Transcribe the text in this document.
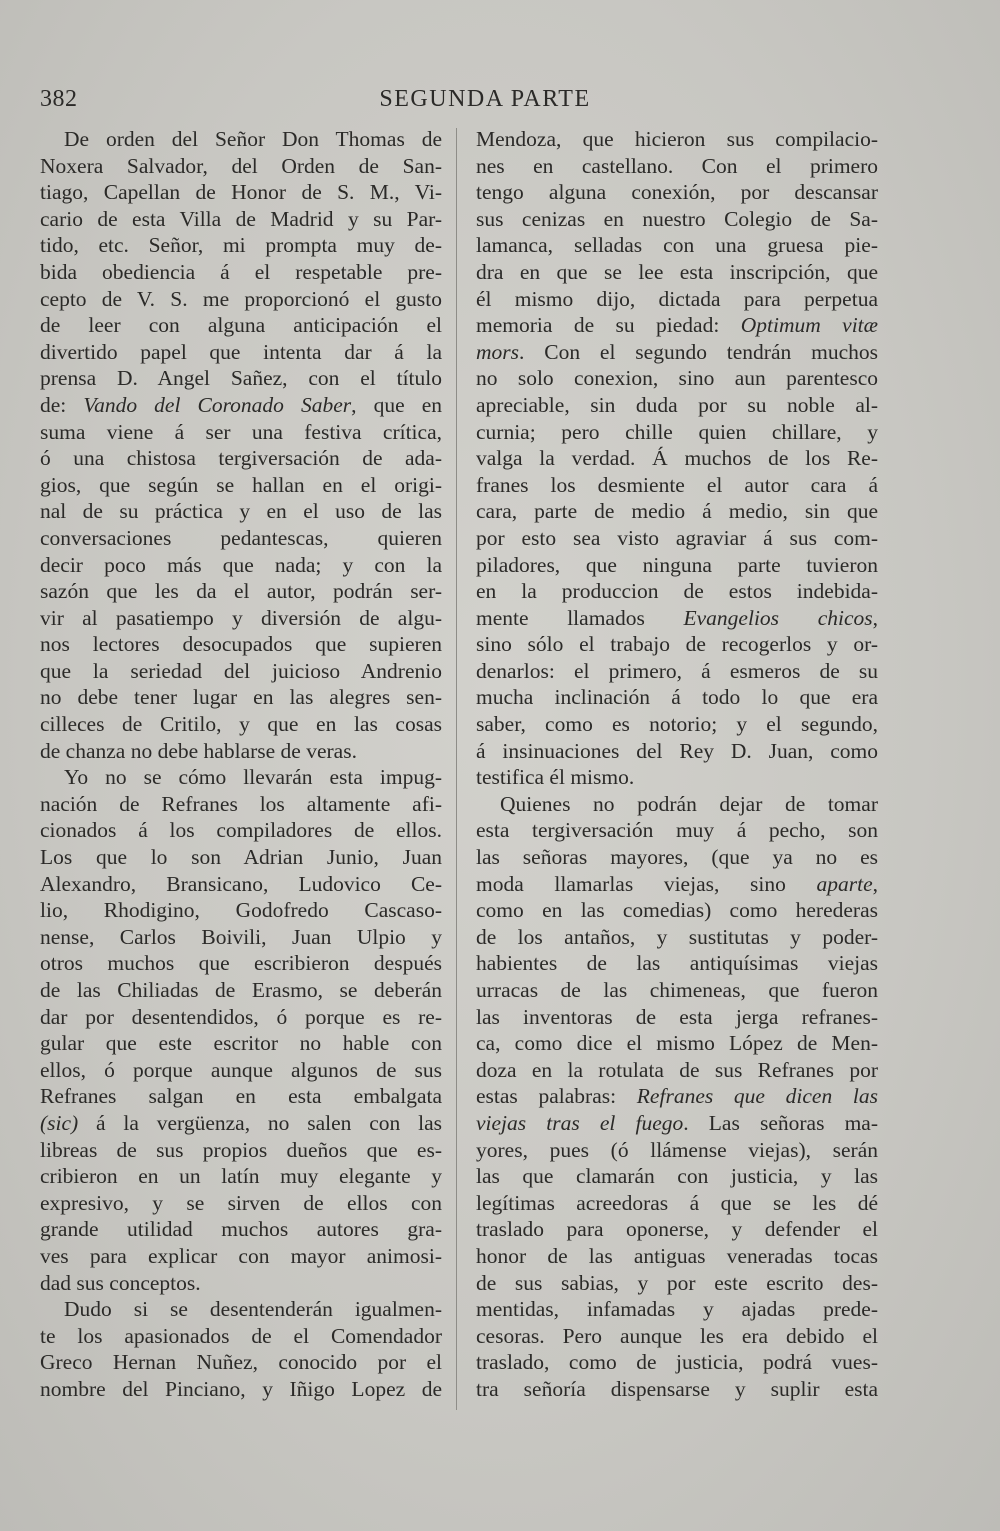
382	SEGUNDA PARTE
De orden del Señor Don Thomas de
Noxera Salvador, del Orden de San-
tiago, Capellan de Honor de S. M., Vi-
cario de esta Villa de Madrid y su Par-
tido, etc. Señor, mi prompta muy de-
bida obediencia á el respetable pre-
cepto de V. S. me proporcionó el gusto
de leer con alguna anticipación el
divertido papel que intenta dar á la
prensa D. Angel Sañez, con el título
de: Vando del Coronado Saber, que en
suma viene á ser una festiva crítica,
ó una chistosa tergiversación de ada-
gios, que según se hallan en el origi-
nal de su práctica y en el uso de las
conversaciones pedantescas, quieren
decir poco más que nada; y con la
sazón que les da el autor, podrán ser-
vir al pasatiempo y diversión de algu-
nos lectores desocupados que supieren
que la seriedad del juicioso Andrenio
no debe tener lugar en las alegres sen-
cilleces de Critilo, y que en las cosas
de chanza no debe hablarse de veras.
Yo no se cómo llevarán esta impug-
nación de Refranes los altamente afi-
cionados á los compiladores de ellos.
Los que lo son Adrian Junio, Juan
Alexandro, Bransicano, Ludovico Ce-
lio, Rhodigino, Godofredo Cascaso-
nense, Carlos Boivili, Juan Ulpio y
otros muchos que escribieron después
de las Chiliadas de Erasmo, se deberán
dar por desentendidos, ó porque es re-
gular que este escritor no hable con
ellos, ó porque aunque algunos de sus
Refranes salgan en esta embalgata
(sic) á la vergüenza, no salen con las
libreas de sus propios dueños que es-
cribieron en un latín muy elegante y
expresivo, y se sirven de ellos con
grande utilidad muchos autores gra-
ves para explicar con mayor animosi-
dad sus conceptos.
Dudo si se desentenderán igualmen-
te los apasionados de el Comendador
Greco Hernan Nuñez, conocido por el
nombre del Pinciano, y Iñigo Lopez de
Mendoza, que hicieron sus compilacio-
nes en castellano. Con el primero
tengo alguna conexión, por descansar
sus cenizas en nuestro Colegio de Sa-
lamanca, selladas con una gruesa pie-
dra en que se lee esta inscripción, que
él mismo dijo, dictada para perpetua
memoria de su piedad: Optimum vitæ
mors. Con el segundo tendrán muchos
no solo conexion, sino aun parentesco
apreciable, sin duda por su noble al-
curnia; pero chille quien chillare, y
valga la verdad. Á muchos de los Re-
franes los desmiente el autor cara á
cara, parte de medio á medio, sin que
por esto sea visto agraviar á sus com-
piladores, que ninguna parte tuvieron
en la produccion de estos indebida-
mente llamados Evangelios chicos,
sino sólo el trabajo de recogerlos y or-
denarlos: el primero, á esmeros de su
mucha inclinación á todo lo que era
saber, como es notorio; y el segundo,
á insinuaciones del Rey D. Juan, como
testifica él mismo.
Quienes no podrán dejar de tomar
esta tergiversación muy á pecho, son
las señoras mayores, (que ya no es
moda llamarlas viejas, sino aparte,
como en las comedias) como herederas
de los antaños, y sustitutas y poder-
habientes de las antiquísimas viejas
urracas de las chimeneas, que fueron
las inventoras de esta jerga refranes-
ca, como dice el mismo López de Men-
doza en la rotulata de sus Refranes por
estas palabras: Refranes que dicen las
viejas tras el fuego. Las señoras ma-
yores, pues (ó llámense viejas), serán
las que clamarán con justicia, y las
legítimas acreedoras á que se les dé
traslado para oponerse, y defender el
honor de las antiguas veneradas tocas
de sus sabias, y por este escrito des-
mentidas, infamadas y ajadas prede-
cesoras. Pero aunque les era debido el
traslado, como de justicia, podrá vues-
tra señoría dispensarse y suplir esta
